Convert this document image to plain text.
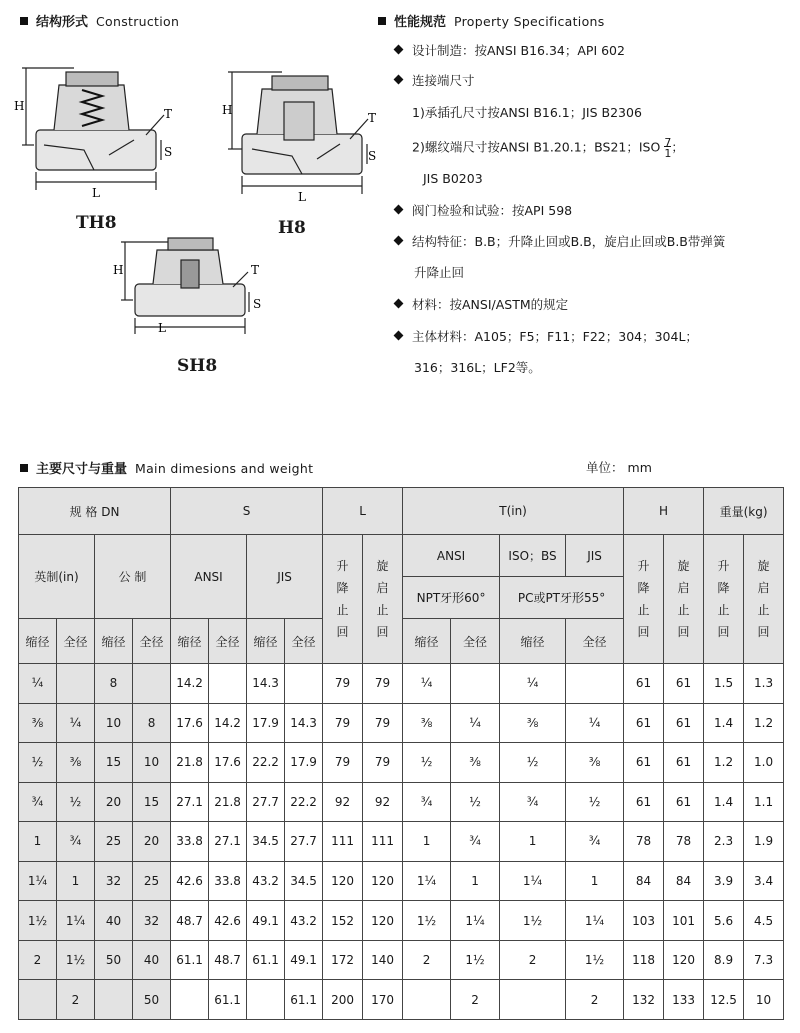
结构形式 Construction
H
L
T
S
TH8
H
L
T
S
H8
H
L
T
S
SH8
性能规范 Property Specifications
设计制造：按ANSI B16.34；API 602
连接端尺寸
1)承插孔尺寸按ANSI B16.1；JIS B2306
2)螺纹端尺寸按ANSI B1.20.1；BS21；ISO $\frac{7}{1}$；
JIS B0203
阀门检验和试验：按API 598
结构特征：B.B；升降止回或B.B，旋启止回或B.B带弹簧
升降止回
材料：按ANSI/ASTM的规定
主体材料：A105；F5；F11；F22；304；304L；
316；316L；LF2等。
主要尺寸与重量 Main dimesions and weight	单位： mm
规 格 DN				S				L		T(in)				H		重量(kg)	
英制(in)		公 制		ANSI		JIS		升降止回	旋启止回	ANSI		ISO；BS	JIS	升降止回	旋启止回	升降止回	旋启止回
										NPT牙形60°		PC或PT牙形55°					
缩径	全径	缩径	全径	缩径	全径	缩径	全径			缩径	全径	缩径	全径				
¼		8		14.2		14.3		79	79	¼		¼		61	61	1.5	1.3
⅜	¼	10	8	17.6	14.2	17.9	14.3	79	79	⅜	¼	⅜	¼	61	61	1.4	1.2
½	⅜	15	10	21.8	17.6	22.2	17.9	79	79	½	⅜	½	⅜	61	61	1.2	1.0
¾	½	20	15	27.1	21.8	27.7	22.2	92	92	¾	½	¾	½	61	61	1.4	1.1
1	¾	25	20	33.8	27.1	34.5	27.7	111	111	1	¾	1	¾	78	78	2.3	1.9
1¼	1	32	25	42.6	33.8	43.2	34.5	120	120	1¼	1	1¼	1	84	84	3.9	3.4
1½	1¼	40	32	48.7	42.6	49.1	43.2	152	120	1½	1¼	1½	1¼	103	101	5.6	4.5
2	1½	50	40	61.1	48.7	61.1	49.1	172	140	2	1½	2	1½	118	120	8.9	7.3
	2		50		61.1		61.1	200	170		2		2	132	133	12.5	10
